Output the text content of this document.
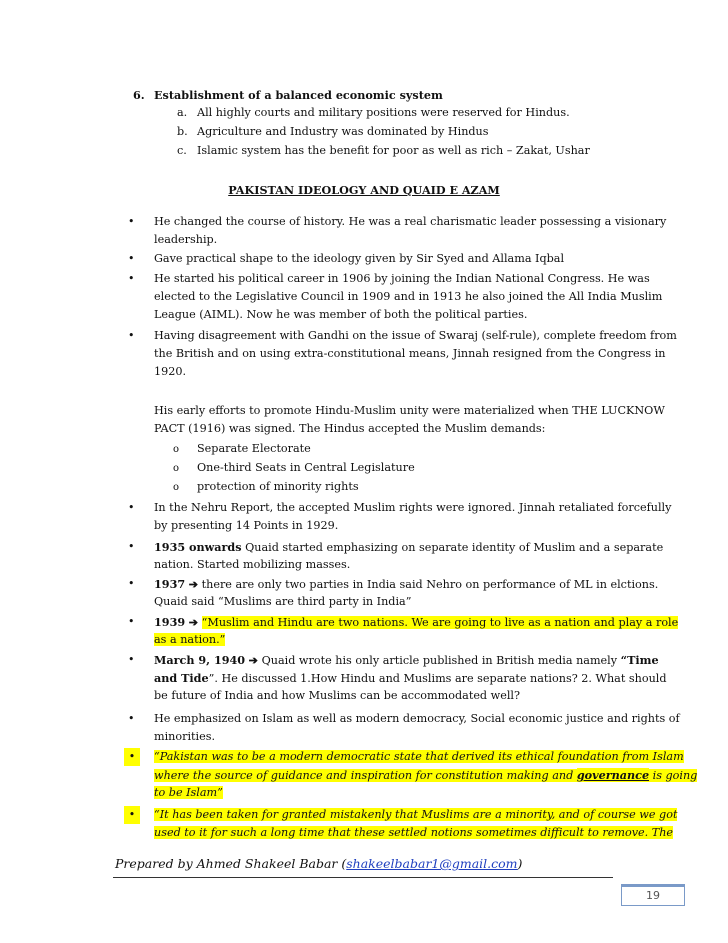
6. Establishment of a balanced economic system
a. All highly courts and military positions were reserved for Hindus.
b. Agriculture and Industry was dominated by Hindus
c. Islamic system has the benefit for poor as well as rich – Zakat, Ushar
PAKISTAN IDEOLOGY AND QUAID E AZAM
• He changed the course of history. He was a real charismatic leader possessing a visionary
leadership.
• Gave practical shape to the ideology given by Sir Syed and Allama Iqbal
• He started his political career in 1906 by joining the Indian National Congress. He was
elected to the Legislative Council in 1909 and in 1913 he also joined the All India Muslim
League (AIML). Now he was member of both the political parties.
• Having disagreement with Gandhi on the issue of Swaraj (self-rule), complete freedom from
the British and on using extra-constitutional means, Jinnah resigned from the Congress in
1920.
His early efforts to promote Hindu-Muslim unity were materialized when THE LUCKNOW
PACT (1916) was signed. The Hindus accepted the Muslim demands:
o Separate Electorate
o One-third Seats in Central Legislature
o protection of minority rights
• In the Nehru Report, the accepted Muslim rights were ignored. Jinnah retaliated forcefully
by presenting 14 Points in 1929.
• 1935 onwards Quaid started emphasizing on separate identity of Muslim and a separate
nation. Started mobilizing masses.
• 1937 ➔ there are only two parties in India said Nehro on performance of ML in elctions.
Quaid said “Muslims are third party in India”
• 1939 ➔ “Muslim and Hindu are two nations. We are going to live as a nation and play a role
as a nation.”
• March 9, 1940 ➔ Quaid wrote his only article published in British media namely “Time
and Tide”. He discussed 1.How Hindu and Muslims are separate nations? 2. What should
be future of India and how Muslims can be accommodated well?
• He emphasized on Islam as well as modern democracy, Social economic justice and rights of
minorities.
•	“Pakistan was to be a modern democratic state that derived its ethical foundation from Islam
where the source of guidance and inspiration for constitution making and governance is going
to be Islam”
•	“It has been taken for granted mistakenly that Muslims are a minority, and of course we got
used to it for such a long time that these settled notions sometimes difficult to remove. The
Prepared by Ahmed Shakeel Babar (shakeelbabar1@gmail.com)
19
